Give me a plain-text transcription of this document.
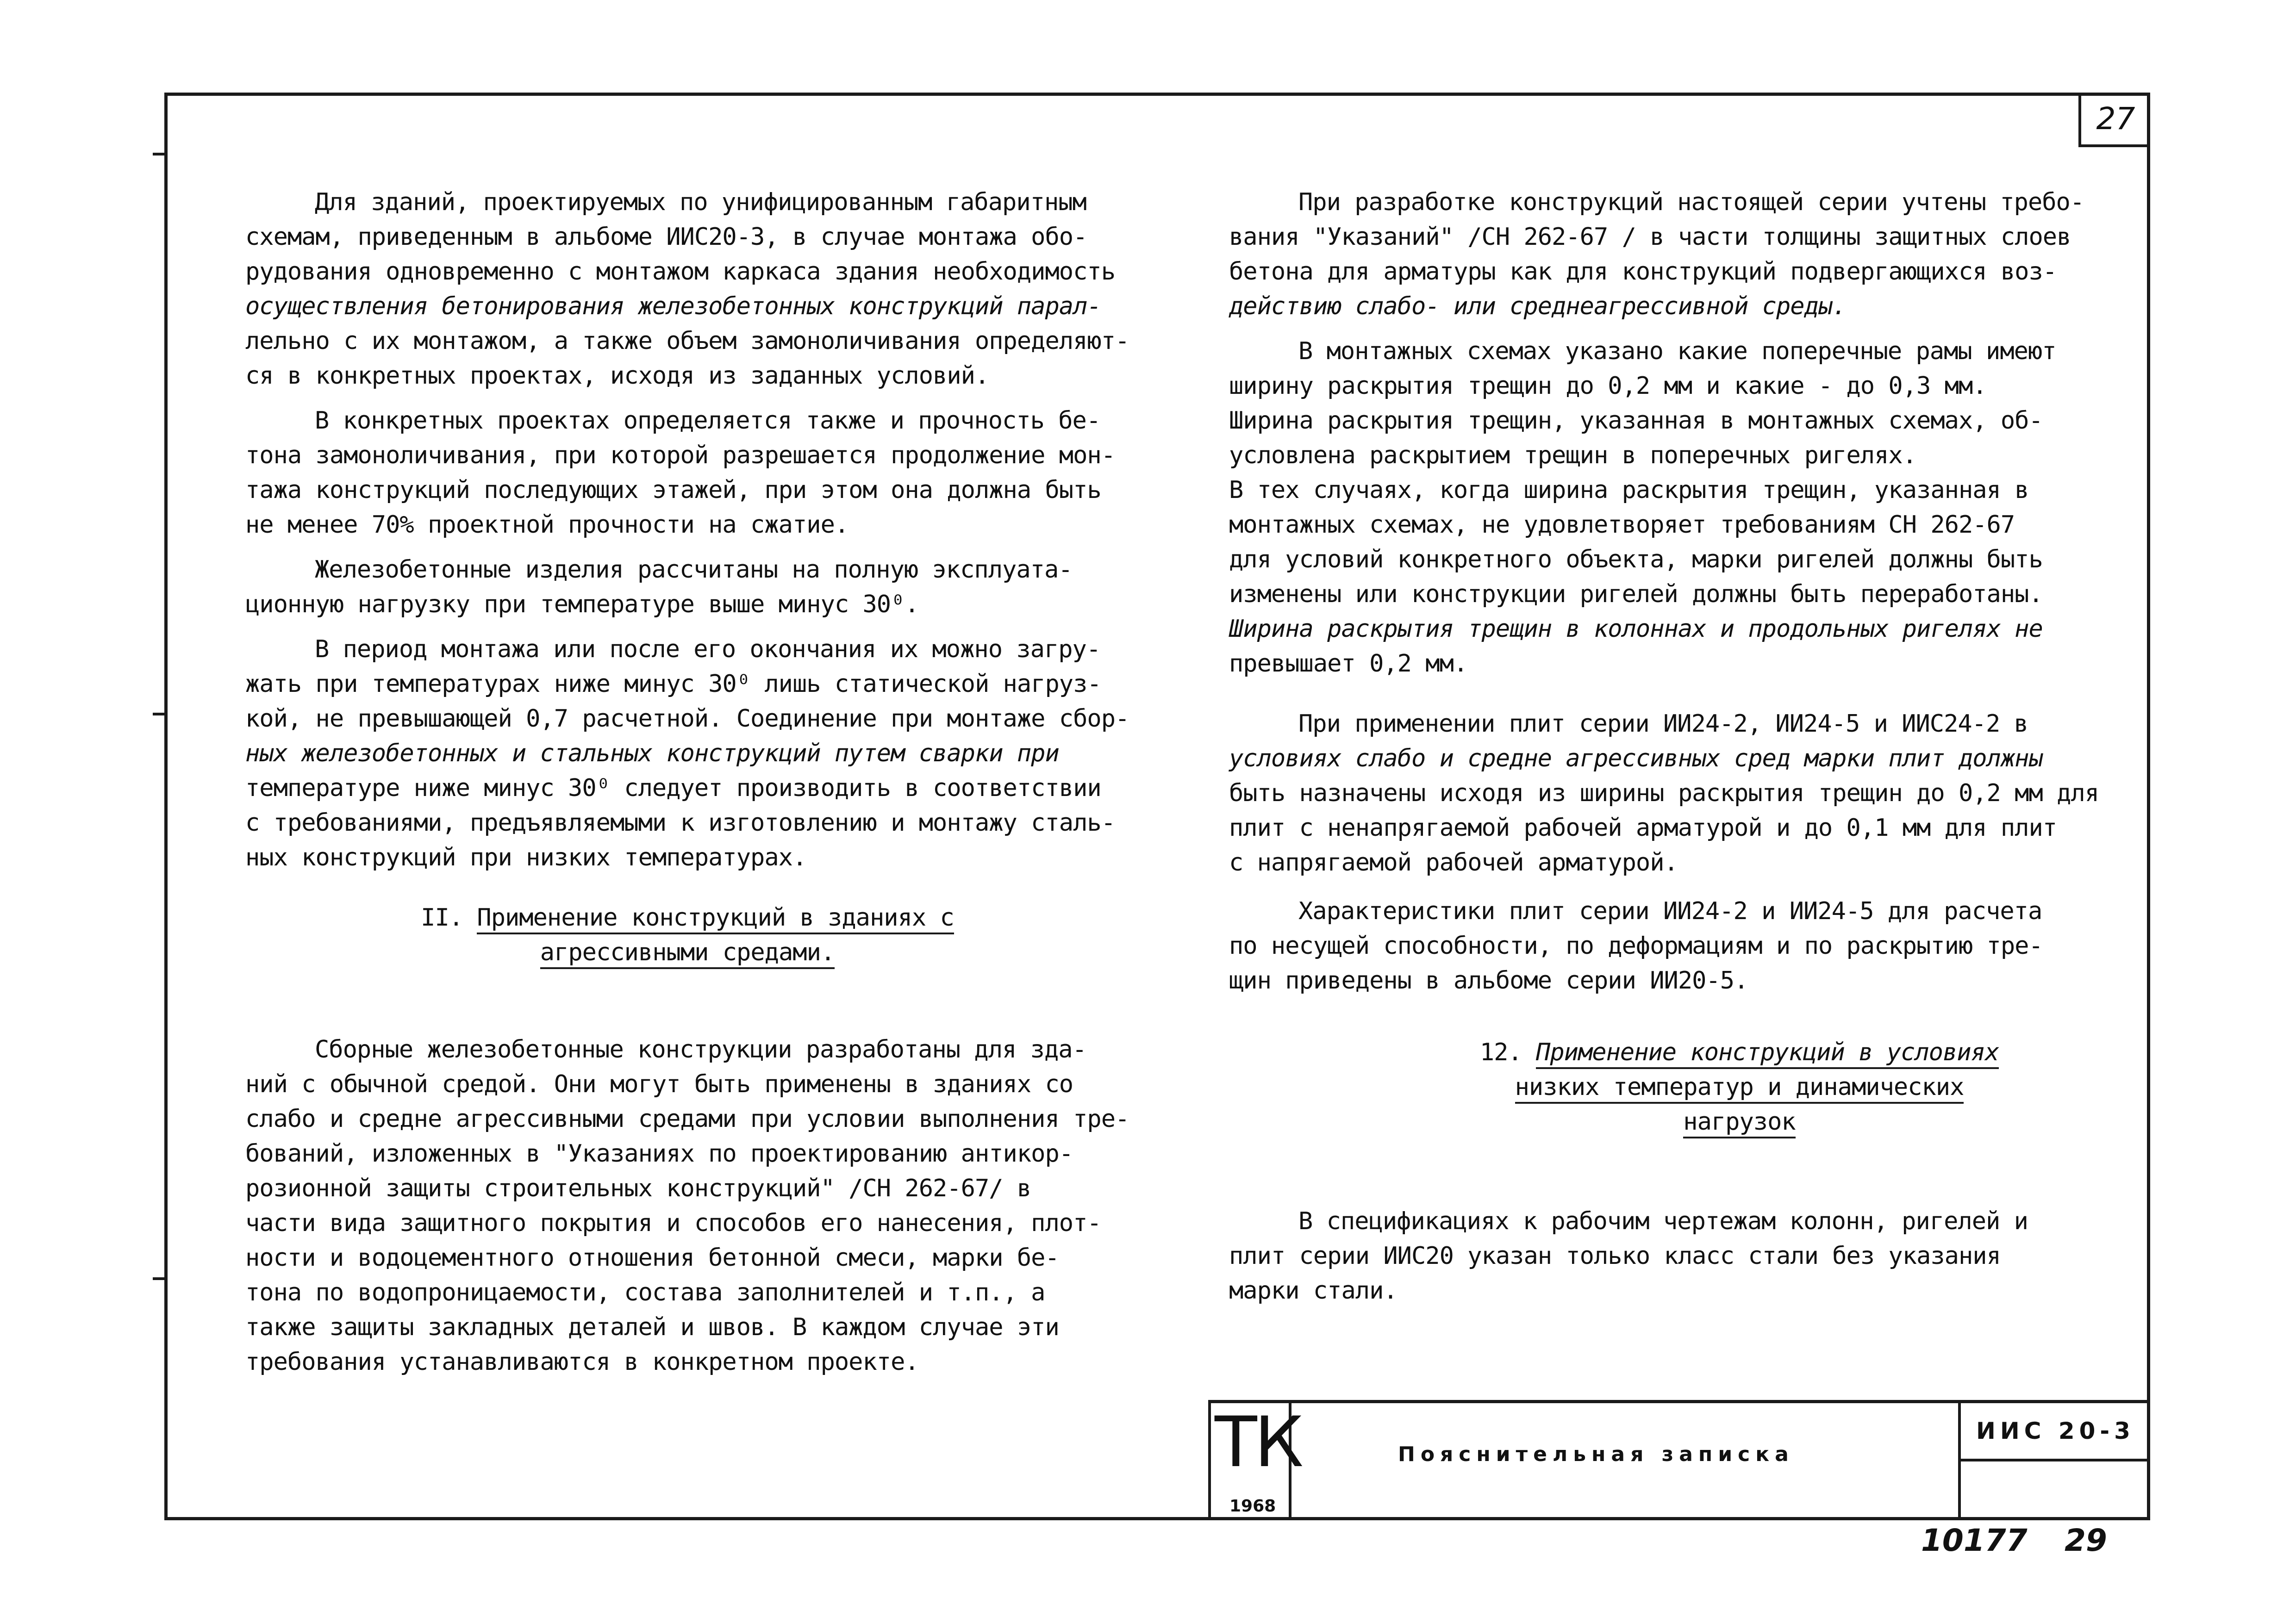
27

Для зданий, проектируемых по унифицированным габаритным
схемам, приведенным в альбоме ИИС20-3, в случае монтажа обо-
рудования одновременно с монтажом каркаса здания необходимость
осуществления бетонирования железобетонных конструкций парал-
лельно с их монтажом, а также объем замоноличивания определяют-
ся в конкретных проектах, исходя из заданных условий.

В конкретных проектах определяется также и прочность бе-
тона замоноличивания, при которой разрешается продолжение мон-
тажа конструкций последующих этажей, при этом она должна быть
не менее 70% проектной прочности на сжатие.

Железобетонные изделия рассчитаны на полную эксплуата-
ционную нагрузку при температуре выше минус 30⁰.

В период монтажа или после его окончания их можно загру-
жать при температурах ниже минус 30⁰ лишь статической нагруз-
кой, не превышающей 0,7 расчетной. Соединение при монтаже сбор-
ных железобетонных и стальных конструкций путем сварки при
температуре ниже минус 30⁰ следует производить в соответствии
с требованиями, предъявляемыми к изготовлению и монтажу сталь-
ных конструкций при низких температурах.

II. Применение конструкций в зданиях с
агрессивными средами.

Сборные железобетонные конструкции разработаны для зда-
ний с обычной средой. Они могут быть применены в зданиях со
слабо и средне агрессивными средами при условии выполнения тре-
бований, изложенных в "Указаниях по проектированию антикор-
розионной защиты строительных конструкций" /СН 262-67/ в
части вида защитного покрытия и способов его нанесения, плот-
ности и водоцементного отношения бетонной смеси, марки бе-
тона по водопроницаемости, состава заполнителей и т.п., а
также защиты закладных деталей и швов. В каждом случае эти
требования устанавливаются в конкретном проекте.

При разработке конструкций настоящей серии учтены требо-
вания "Указаний" /СН 262-67 / в части толщины защитных слоев
бетона для арматуры как для конструкций подвергающихся воз-
действию слабо- или среднеагрессивной среды.

В монтажных схемах указано какие поперечные рамы имеют
ширину раскрытия трещин до 0,2 мм и какие - до 0,3 мм.
Ширина раскрытия трещин, указанная в монтажных схемах, об-
условлена раскрытием трещин в поперечных ригелях.
В тех случаях, когда ширина раскрытия трещин, указанная в
монтажных схемах, не удовлетворяет требованиям СН 262-67
для условий конкретного объекта, марки ригелей должны быть
изменены или конструкции ригелей должны быть переработаны.
Ширина раскрытия трещин в колоннах и продольных ригелях не
превышает 0,2 мм.

При применении плит серии ИИ24-2, ИИ24-5 и ИИС24-2 в
условиях слабо и средне агрессивных сред марки плит должны
быть назначены исходя из ширины раскрытия трещин до 0,2 мм для
плит с ненапрягаемой рабочей арматурой и до 0,1 мм для плит
с напрягаемой рабочей арматурой.

Характеристики плит серии ИИ24-2 и ИИ24-5 для расчета
по несущей способности, по деформациям и по раскрытию тре-
щин приведены в альбоме серии ИИ20-5.

12. Применение конструкций в условиях
низких температур и динамических
нагрузок

В спецификациях к рабочим чертежам колонн, ригелей и
плит серии ИИС20 указан только класс стали без указания
марки стали.

ТК
1968
Пояснительная записка
ИИС 20-3
10177 29
